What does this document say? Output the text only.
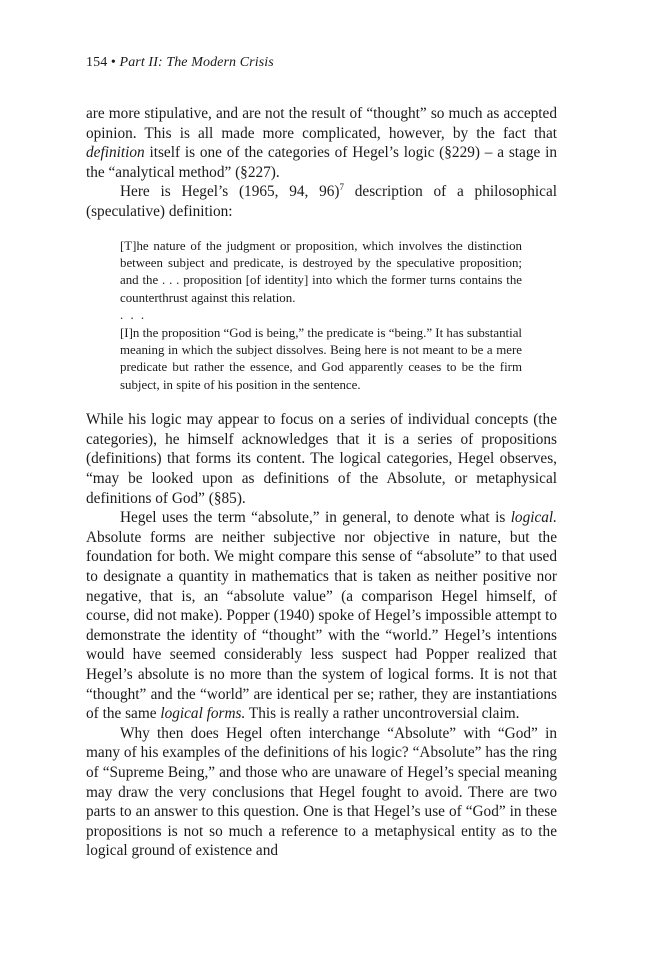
154 • Part II: The Modern Crisis

are more stipulative, and are not the result of “thought” so much as accepted opinion. This is all made more complicated, however, by the fact that definition itself is one of the categories of Hegel’s logic (§229) – a stage in the “analytical method” (§227).

Here is Hegel’s (1965, 94, 96)$^7$ description of a philosophical (speculative) definition:

[T]he nature of the judgment or proposition, which involves the distinction between subject and predicate, is destroyed by the speculative proposition; and the . . . proposition [of identity] into which the former turns contains the counterthrust against this relation.

. . .

[I]n the proposition “God is being,” the predicate is “being.” It has substantial meaning in which the subject dissolves. Being here is not meant to be a mere predicate but rather the essence, and God apparently ceases to be the firm subject, in spite of his position in the sentence.

While his logic may appear to focus on a series of individual concepts (the categories), he himself acknowledges that it is a series of propositions (definitions) that forms its content. The logical categories, Hegel observes, “may be looked upon as definitions of the Absolute, or metaphysical definitions of God” (§85).

Hegel uses the term “absolute,” in general, to denote what is logical. Absolute forms are neither subjective nor objective in nature, but the foundation for both. We might compare this sense of “absolute” to that used to designate a quantity in mathematics that is taken as neither positive nor negative, that is, an “absolute value” (a comparison Hegel himself, of course, did not make). Popper (1940) spoke of Hegel’s impossible attempt to demonstrate the identity of “thought” with the “world.” Hegel’s intentions would have seemed considerably less suspect had Popper realized that Hegel’s absolute is no more than the system of logical forms. It is not that “thought” and the “world” are identical per se; rather, they are instantiations of the same logical forms. This is really a rather uncontroversial claim.

Why then does Hegel often interchange “Absolute” with “God” in many of his examples of the definitions of his logic? “Absolute” has the ring of “Supreme Being,” and those who are unaware of Hegel’s special meaning may draw the very conclusions that Hegel fought to avoid. There are two parts to an answer to this question. One is that Hegel’s use of “God” in these propositions is not so much a reference to a metaphysical entity as to the logical ground of existence and
